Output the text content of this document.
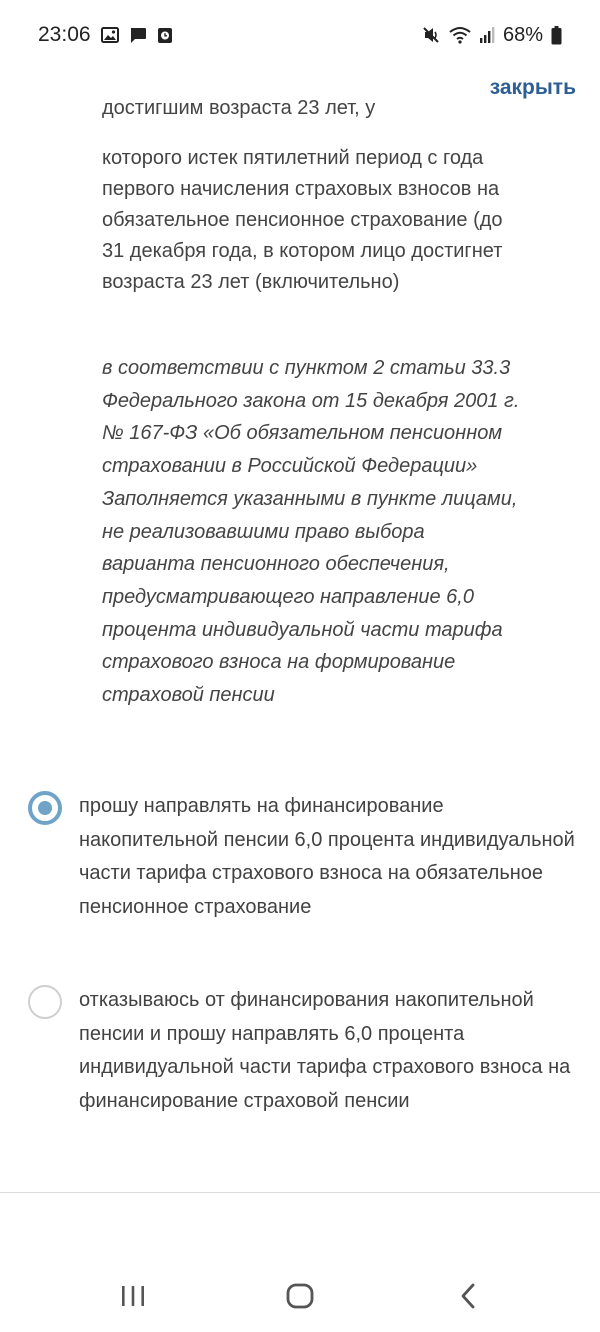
23:06	68%
закрыть

достигшим возраста 23 лет, у

которого истек пятилетний период с года первого начисления страховых взносов на обязательное пенсионное страхование (до 31 декабря года, в котором лицо достигнет возраста 23 лет (включительно)

в соответствии с пунктом 2 статьи 33.3 Федерального закона от 15 декабря 2001 г. № 167-ФЗ «Об обязательном пенсионном страховании в Российской Федерации» Заполняется указанными в пункте лицами, не реализовавшими право выбора варианта пенсионного обеспечения, предусматривающего направление 6,0 процента индивидуальной части тарифа страхового взноса на формирование страховой пенсии

прошу направлять на финансирование накопительной пенсии 6,0 процента индивидуальной части тарифа страхового взноса на обязательное пенсионное страхование
отказываюсь от финансирования накопительной пенсии и прошу направлять 6,0 процента индивидуальной части тарифа страхового взноса на финансирование страховой пенсии
